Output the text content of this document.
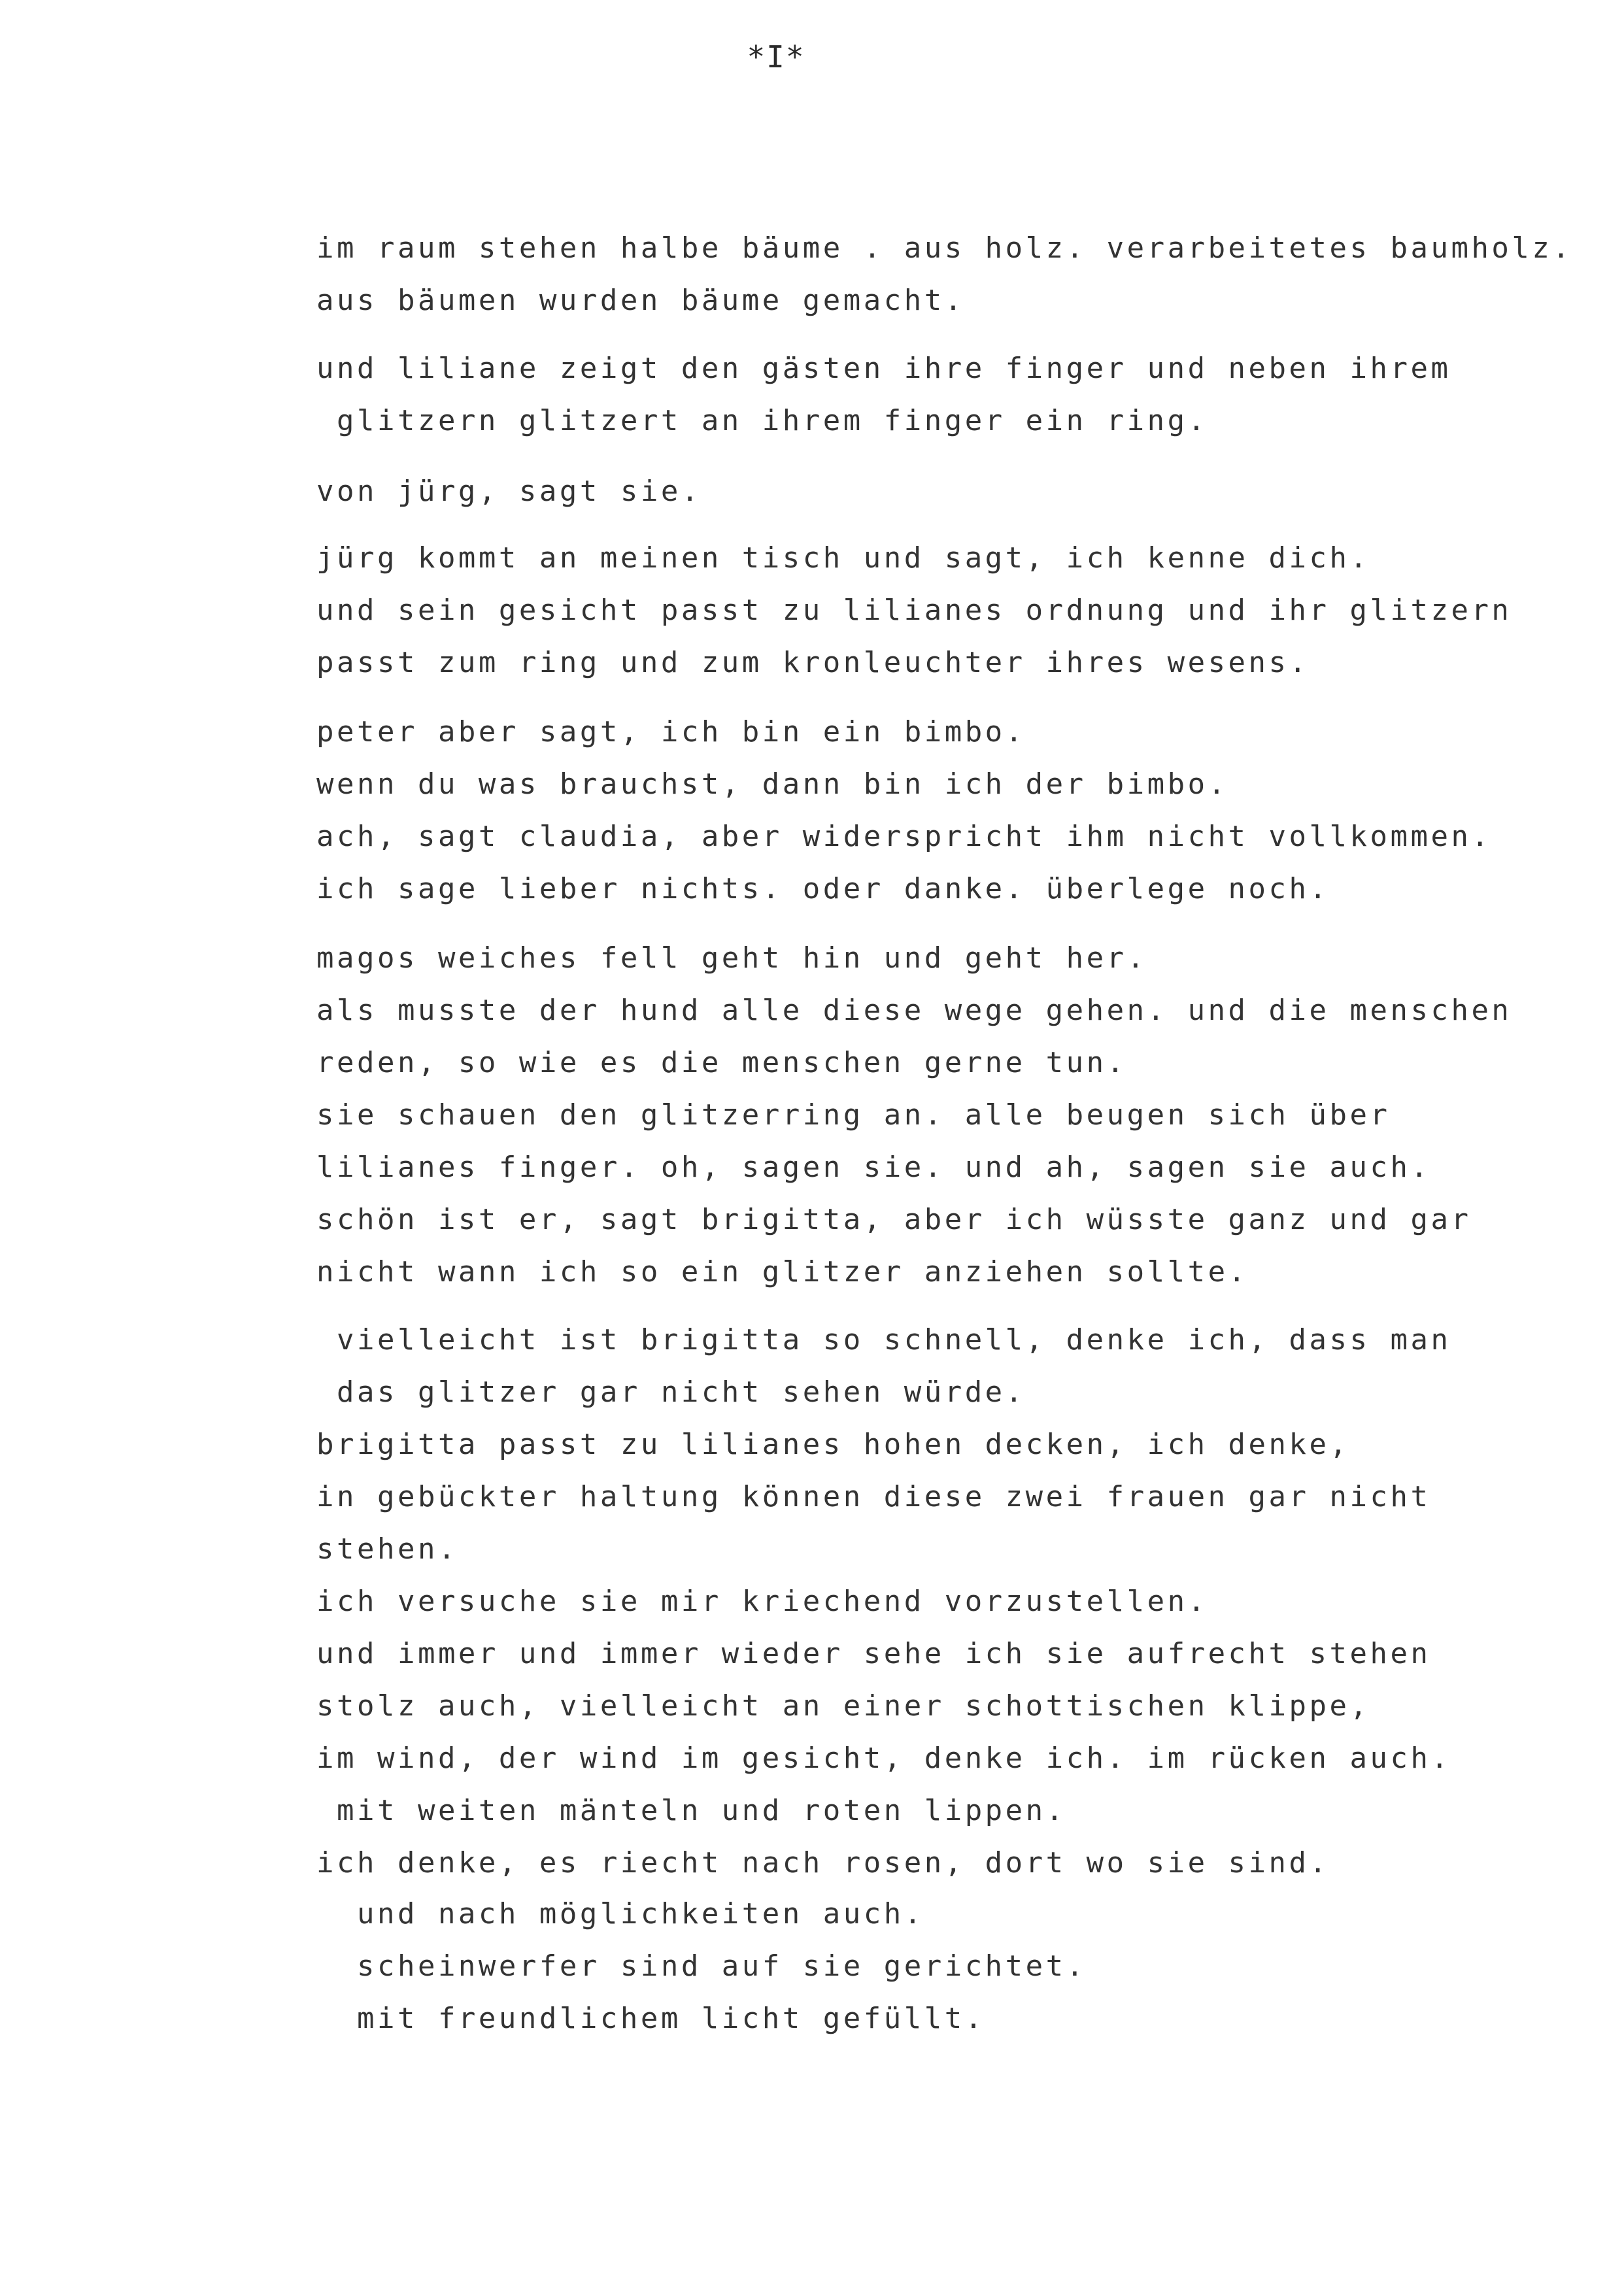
*I*
im raum stehen halbe bäume . aus holz. verarbeitetes baumholz.
aus bäumen wurden bäume gemacht.
und liliane zeigt den gästen ihre finger und neben ihrem
glitzern glitzert an ihrem finger ein ring.
von jürg, sagt sie.
jürg kommt an meinen tisch und sagt, ich kenne dich.
und sein gesicht passt zu lilianes ordnung und ihr glitzern
passt zum ring und zum kronleuchter ihres wesens.
peter aber sagt, ich bin ein bimbo.
wenn du was brauchst, dann bin ich der bimbo.
ach, sagt claudia, aber widerspricht ihm nicht vollkommen.
ich sage lieber nichts. oder danke. überlege noch.
magos weiches fell geht hin und geht her.
als musste der hund alle diese wege gehen. und die menschen
reden, so wie es die menschen gerne tun.
sie schauen den glitzerring an. alle beugen sich über
lilianes finger. oh, sagen sie. und ah, sagen sie auch.
schön ist er, sagt brigitta, aber ich wüsste ganz und gar
nicht wann ich so ein glitzer anziehen sollte.
vielleicht ist brigitta so schnell, denke ich, dass man
das glitzer gar nicht sehen würde.
brigitta passt zu lilianes hohen decken, ich denke,
in gebückter haltung können diese zwei frauen gar nicht
stehen.
ich versuche sie mir kriechend vorzustellen.
und immer und immer wieder sehe ich sie aufrecht stehen
stolz auch, vielleicht an einer schottischen klippe,
im wind, der wind im gesicht, denke ich. im rücken auch.
mit weiten mänteln und roten lippen.
ich denke, es riecht nach rosen, dort wo sie sind.
und nach möglichkeiten auch.
scheinwerfer sind auf sie gerichtet.
mit freundlichem licht gefüllt.
